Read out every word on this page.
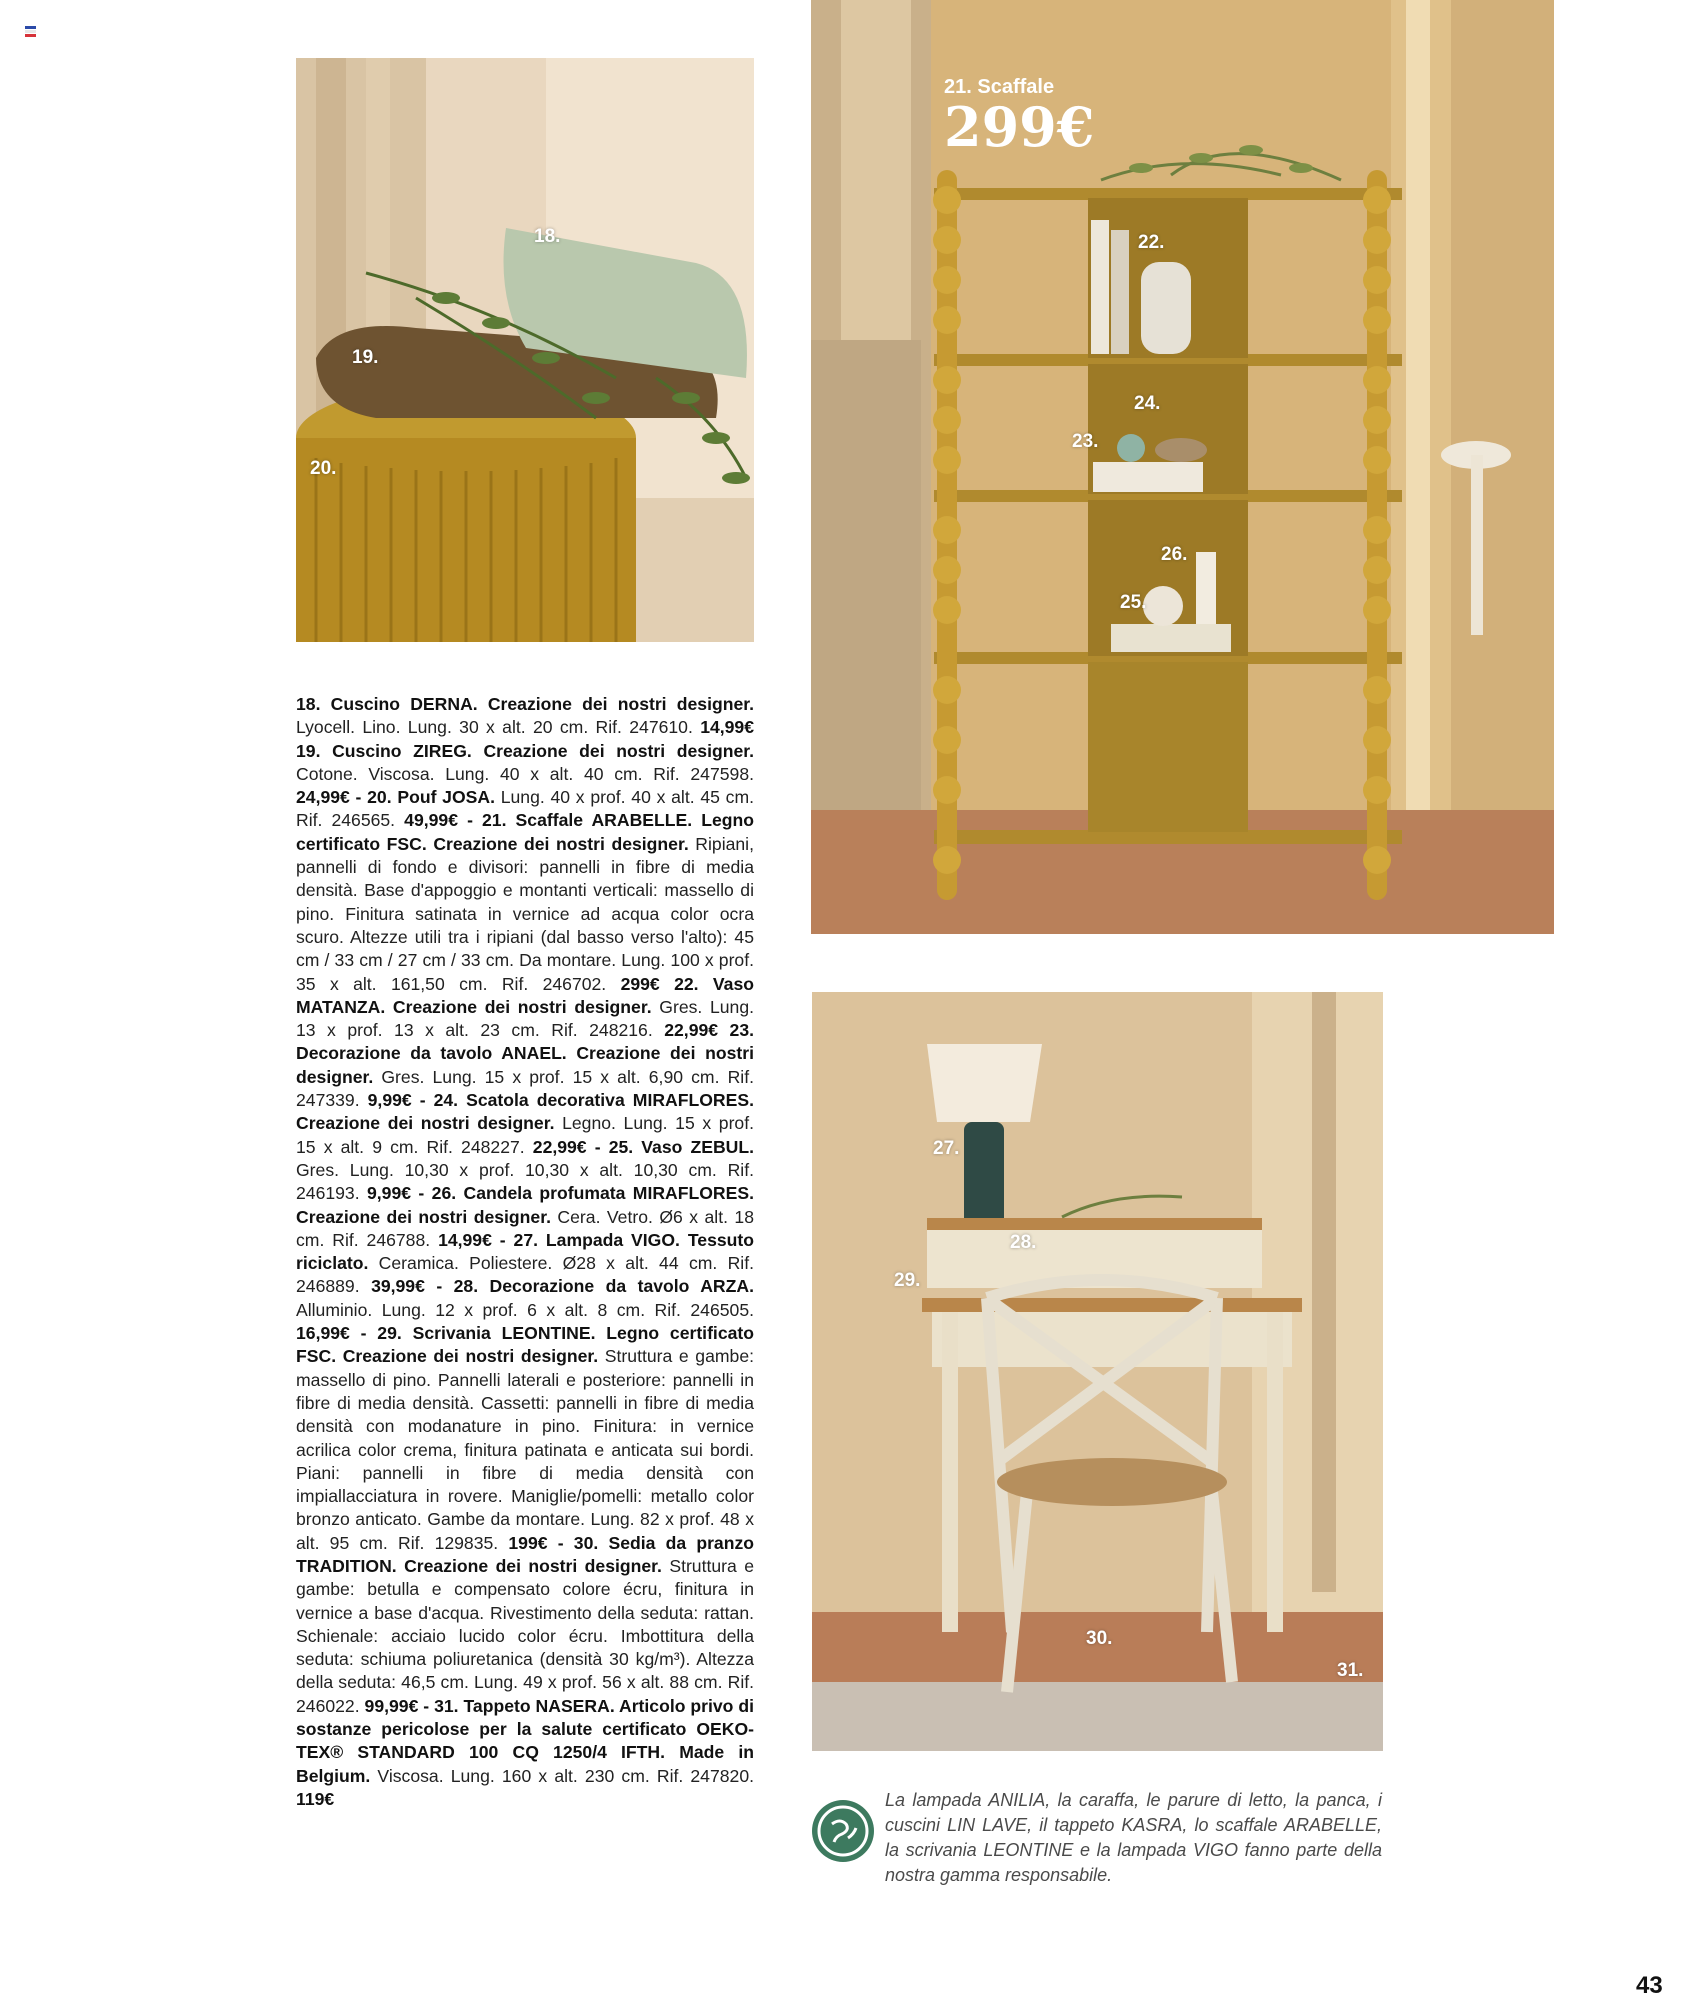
18.
19.
20.
21. Scaffale
299€
22.
24.
23.
26.
25.
27.
28.
29.
30.
31.
18. Cuscino DERNA. Creazione dei nostri designer. Lyocell. Lino. Lung. 30 x alt. 20 cm. Rif. 247610. 14,99€ 19. Cuscino ZIREG. Creazione dei nostri designer. Cotone. Viscosa. Lung. 40 x alt. 40 cm. Rif. 247598. 24,99€ - 20. Pouf JOSA. Lung. 40 x prof. 40 x alt. 45 cm. Rif. 246565. 49,99€ - 21. Scaffale ARABELLE. Legno certificato FSC. Creazione dei nostri designer. Ripiani, pannelli di fondo e divisori: pannelli in fibre di media densità. Base d'appoggio e montanti verticali: massello di pino. Finitura satinata in vernice ad acqua color ocra scuro. Altezze utili tra i ripiani (dal basso verso l'alto): 45 cm / 33 cm / 27 cm / 33 cm. Da montare. Lung. 100 x prof. 35 x alt. 161,50 cm. Rif. 246702. 299€ 22. Vaso MATANZA. Creazione dei nostri designer. Gres. Lung. 13 x prof. 13 x alt. 23 cm. Rif. 248216. 22,99€ 23. Decorazione da tavolo ANAEL. Creazione dei nostri designer. Gres. Lung. 15 x prof. 15 x alt. 6,90 cm. Rif. 247339. 9,99€ - 24. Scatola decorativa MIRAFLORES. Creazione dei nostri designer. Legno. Lung. 15 x prof. 15 x alt. 9 cm. Rif. 248227. 22,99€ - 25. Vaso ZEBUL. Gres. Lung. 10,30 x prof. 10,30 x alt. 10,30 cm. Rif. 246193. 9,99€ - 26. Candela profumata MIRAFLORES. Creazione dei nostri designer. Cera. Vetro. Ø6 x alt. 18 cm. Rif. 246788. 14,99€ - 27. Lampada VIGO. Tessuto riciclato. Ceramica. Poliestere. Ø28 x alt. 44 cm. Rif. 246889. 39,99€ - 28. Decorazione da tavolo ARZA. Alluminio. Lung. 12 x prof. 6 x alt. 8 cm. Rif. 246505. 16,99€ - 29. Scrivania LEONTINE. Legno certificato FSC. Creazione dei nostri designer. Struttura e gambe: massello di pino. Pannelli laterali e posteriore: pannelli in fibre di media densità. Cassetti: pannelli in fibre di media densità con modanature in pino. Finitura: in vernice acrilica color crema, finitura patinata e anticata sui bordi. Piani: pannelli in fibre di media densità con impiallacciatura in rovere. Maniglie/pomelli: metallo color bronzo anticato. Gambe da montare. Lung. 82 x prof. 48 x alt. 95 cm. Rif. 129835. 199€ - 30. Sedia da pranzo TRADITION. Creazione dei nostri designer. Struttura e gambe: betulla e compensato colore écru, finitura in vernice a base d'acqua. Rivestimento della seduta: rattan. Schienale: acciaio lucido color écru. Imbottitura della seduta: schiuma poliuretanica (densità 30 kg/m³). Altezza della seduta: 46,5 cm. Lung. 49 x prof. 56 x alt. 88 cm. Rif. 246022. 99,99€ - 31. Tappeto NASERA. Articolo privo di sostanze pericolose per la salute certificato OEKO-TEX® STANDARD 100 CQ 1250/4 IFTH. Made in Belgium. Viscosa. Lung. 160 x alt. 230 cm. Rif. 247820. 119€	La lampada ANILIA, la caraffa, le parure di letto, la panca, i cuscini LIN LAVE, il tappeto KASRA, lo scaffale ARABELLE, la scrivania LEONTINE e la lampada VIGO fanno parte della nostra gamma responsabile.
43
